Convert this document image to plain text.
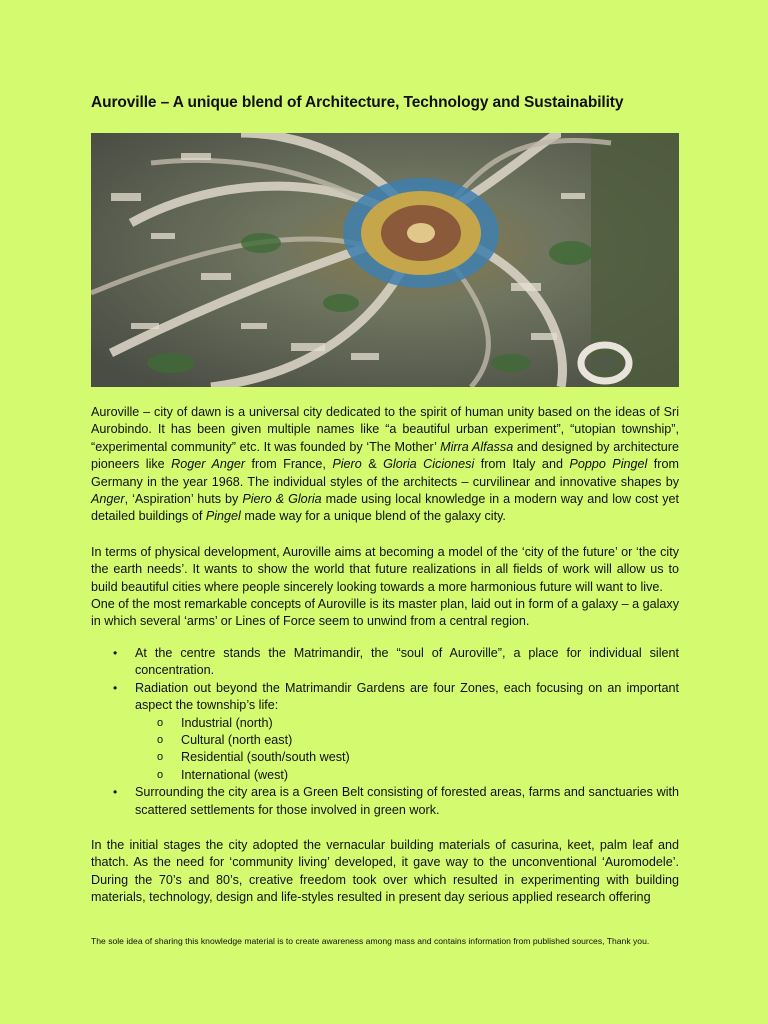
Auroville – A unique blend of Architecture, Technology and Sustainability

Auroville – city of dawn is a universal city dedicated to the spirit of human unity based on the ideas of Sri Aurobindo. It has been given multiple names like “a beautiful urban experiment”, “utopian township”, “experimental community” etc. It was founded by ‘The Mother’ Mirra Alfassa and designed by architecture pioneers like Roger Anger from France, Piero & Gloria Cicionesi from Italy and Poppo Pingel from Germany in the year 1968. The individual styles of the architects – curvilinear and innovative shapes by Anger, ‘Aspiration’ huts by Piero & Gloria made using local knowledge in a modern way and low cost yet detailed buildings of Pingel made way for a unique blend of the galaxy city.

In terms of physical development, Auroville aims at becoming a model of the ‘city of the future’ or ‘the city the earth needs’. It wants to show the world that future realizations in all fields of work will allow us to build beautiful cities where people sincerely looking towards a more harmonious future will want to live.

One of the most remarkable concepts of Auroville is its master plan, laid out in form of a galaxy – a galaxy in which several ‘arms’ or Lines of Force seem to unwind from a central region.

• At the centre stands the Matrimandir, the “soul of Auroville”, a place for individual silent concentration.
• Radiation out beyond the Matrimandir Gardens are four Zones, each focusing on an important aspect the township’s life:
o Industrial (north)
o Cultural (north east)
o Residential (south/south west)
o International (west)
• Surrounding the city area is a Green Belt consisting of forested areas, farms and sanctuaries with scattered settlements for those involved in green work.

In the initial stages the city adopted the vernacular building materials of casurina, keet, palm leaf and thatch. As the need for ‘community living’ developed, it gave way to the unconventional ‘Auromodele’. During the 70’s and 80’s, creative freedom took over which resulted in experimenting with building materials, technology, design and life-styles resulted in present day serious applied research offering

The sole idea of sharing this knowledge material is to create awareness among mass and contains information from published sources, Thank you.
